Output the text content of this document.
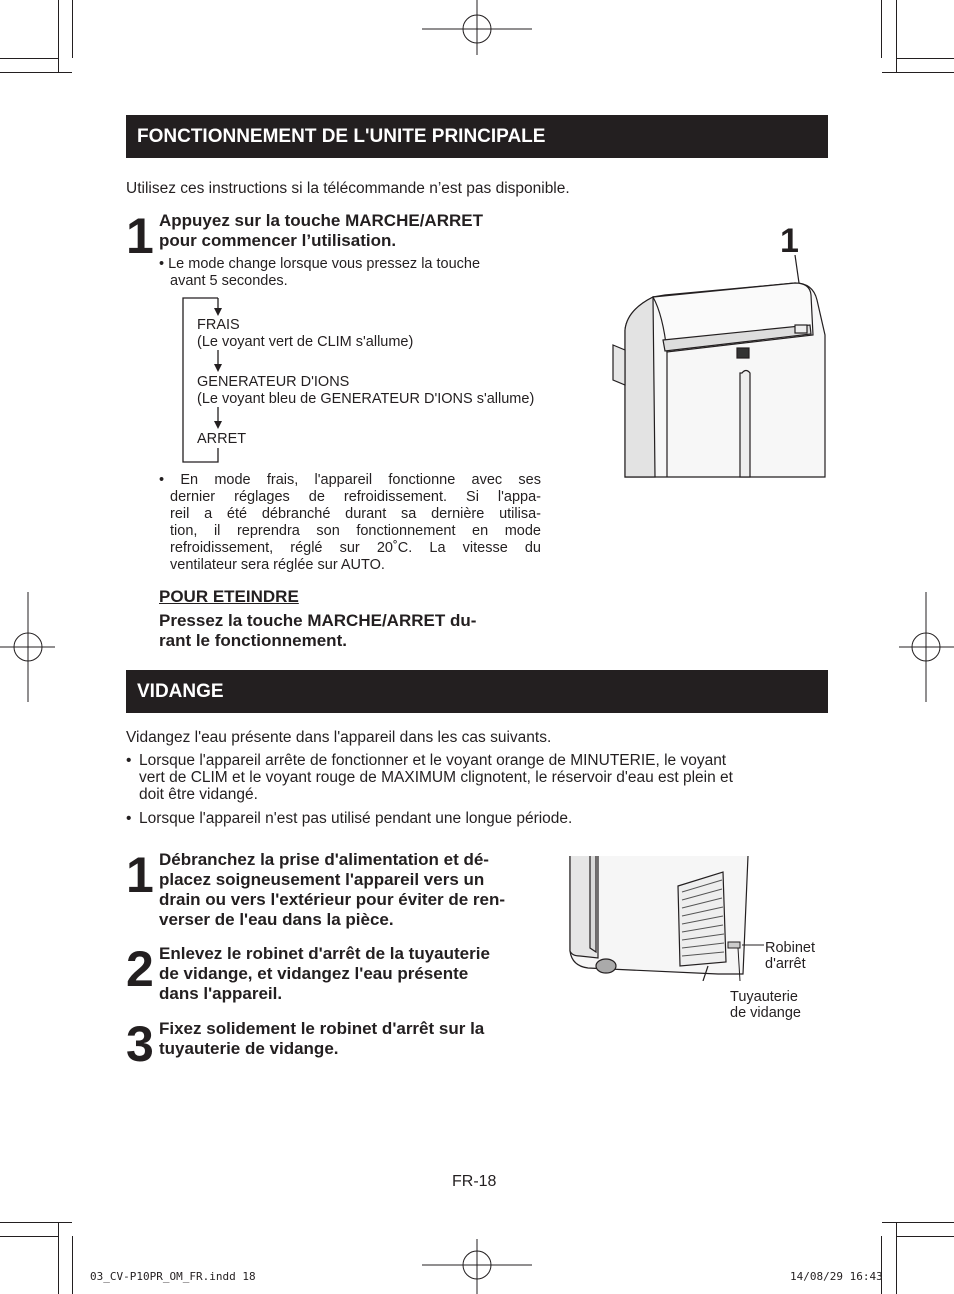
FONCTIONNEMENT DE L'UNITE PRINCIPALE
Utilisez ces instructions si la télécommande n’est pas disponible.
1 Appuyez sur la touche MARCHE/ARRET
pour commencer l’utilisation.
• Le mode change lorsque vous pressez la touche
avant 5 secondes.
FRAIS
(Le voyant vert de CLIM s'allume)
GENERATEUR D'IONS
(Le voyant bleu de GENERATEUR D'IONS s'allume)
ARRET
• En mode frais, l'appareil fonctionne avec ses
dernier réglages de refroidissement. Si l'appa-
reil a été débranché durant sa dernière utilisa-
tion, il reprendra son fonctionnement en mode
refroidissement, réglé sur 20˚C. La vitesse du
ventilateur sera réglée sur AUTO.
POUR ETEINDRE
Pressez la touche MARCHE/ARRET du-
rant le fonctionnement.
1
VIDANGE
Vidangez l'eau présente dans l'appareil dans les cas suivants.
• Lorsque l'appareil arrête de fonctionner et le voyant orange de MINUTERIE, le voyant
vert de CLIM et le voyant rouge de MAXIMUM clignotent, le réservoir d'eau est plein et
doit être vidangé.
• Lorsque l'appareil n'est pas utilisé pendant une longue période.
1 Débranchez la prise d'alimentation et dé-
placez soigneusement l'appareil vers un
drain ou vers l'extérieur pour éviter de ren-
verser de l'eau dans la pièce.
2 Enlevez le robinet d'arrêt de la tuyauterie
de vidange, et vidangez l'eau présente
dans l'appareil.
3 Fixez solidement le robinet d'arrêt sur la
tuyauterie de vidange.
Robinet
d'arrêt
Tuyauterie
de vidange
FR-18
03_CV-P10PR_OM_FR.indd 18	14/08/29 16:43
